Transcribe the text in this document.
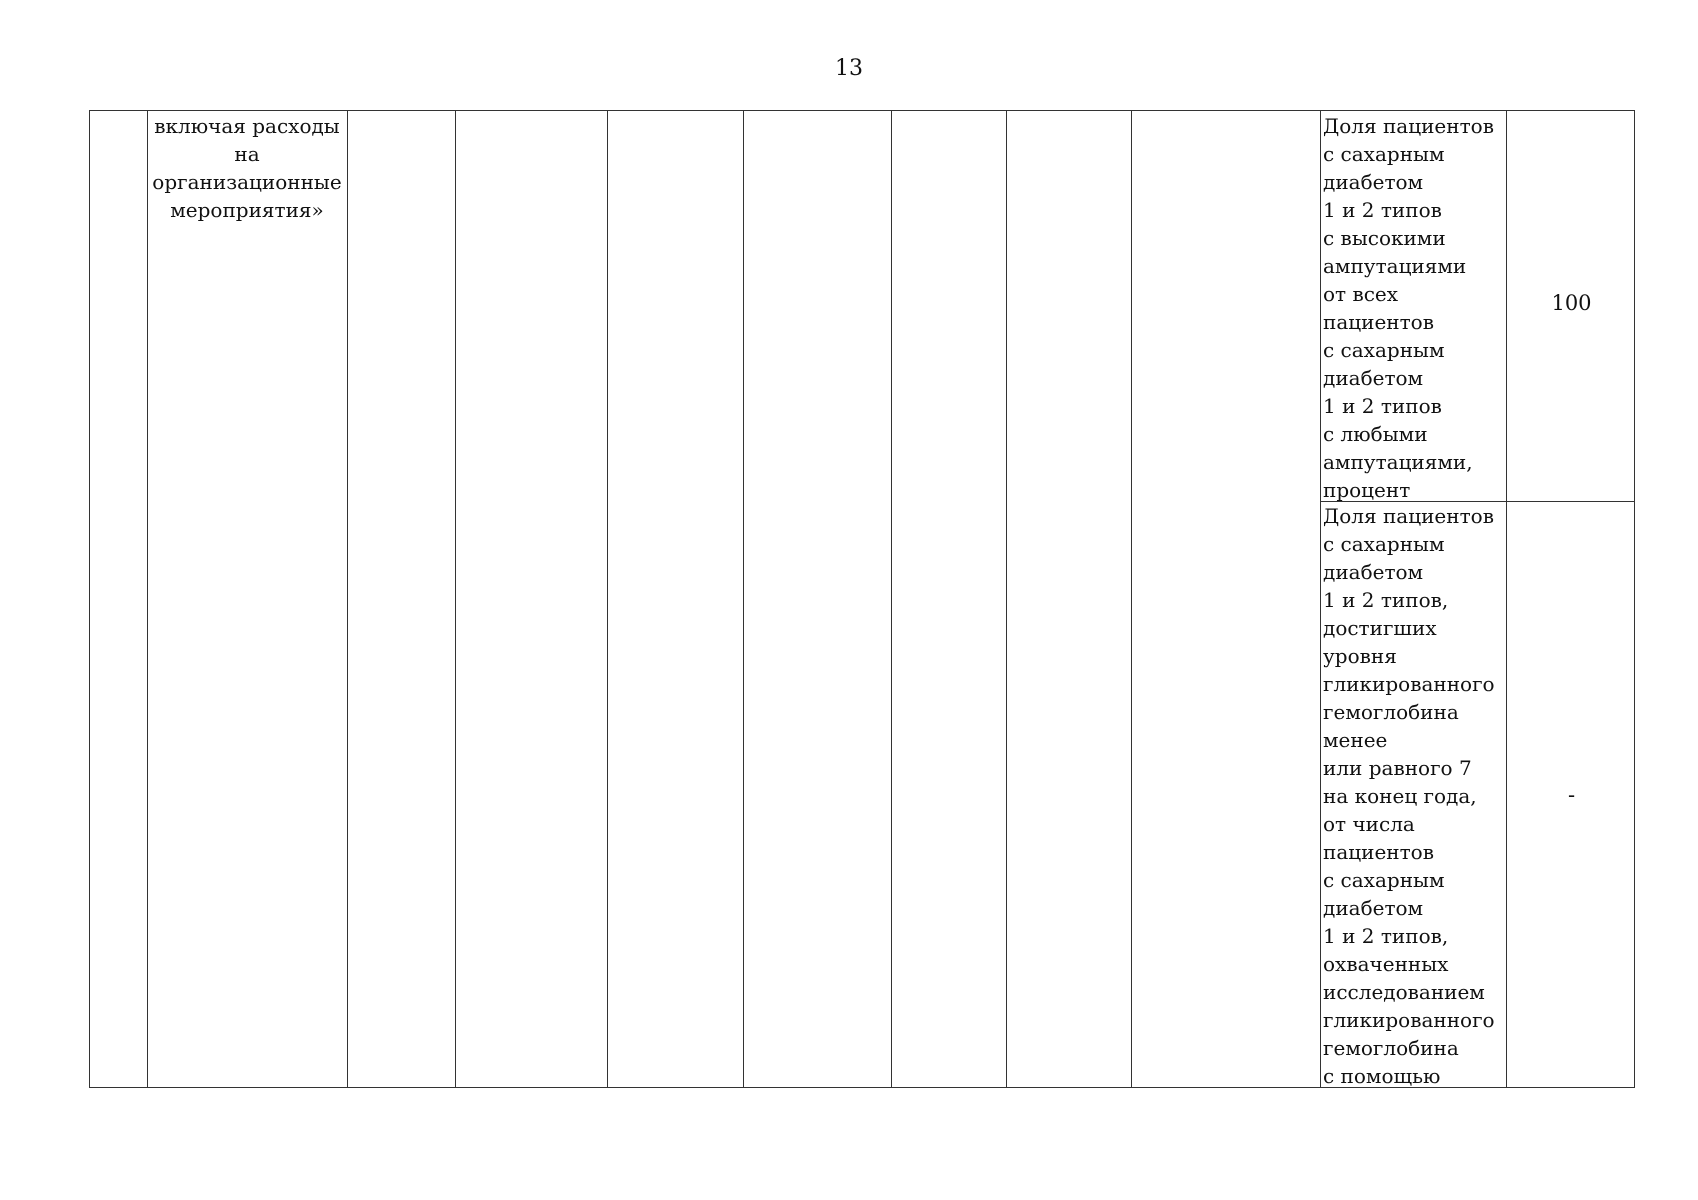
13
включая расходы
на
организационные
мероприятия»
Доля пациентов
с сахарным
диабетом
1 и 2 типов
с высокими
ампутациями
от всех
пациентов
с сахарным
диабетом
1 и 2 типов
с любыми
ампутациями,
процент
100
Доля пациентов
с сахарным
диабетом
1 и 2 типов,
достигших
уровня
гликированного
гемоглобина
менее
или равного 7
на конец года,
от числа
пациентов
с сахарным
диабетом
1 и 2 типов,
охваченных
исследованием
гликированного
гемоглобина
с помощью
-
